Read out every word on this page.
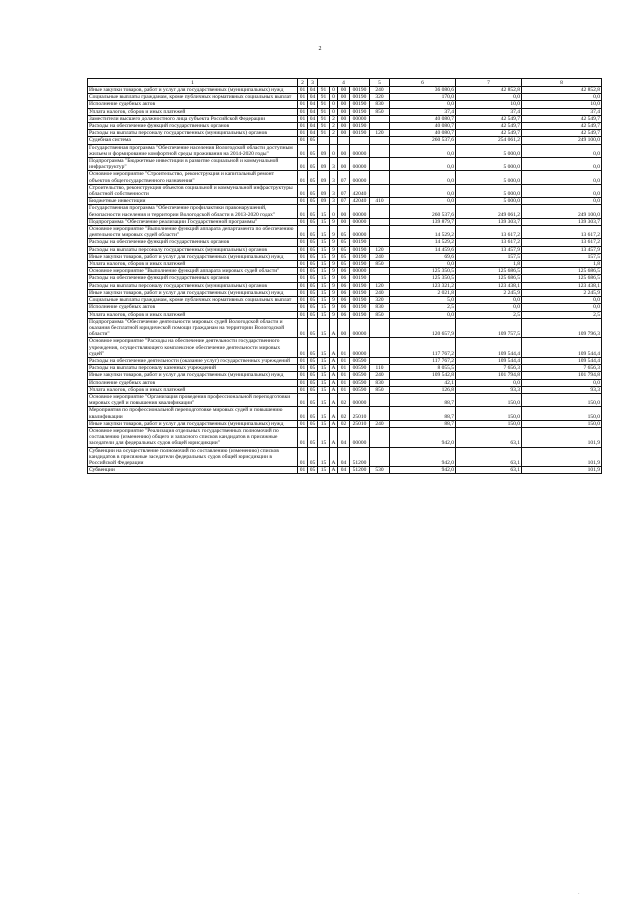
2
1	2	3	4				5	6	7	8
Иные закупки товаров, работ и услуг для государственных (муниципальных) нужд	01	04	91	0	00	00190	240	36 080,6	42 852,8	42 852,8
Социальные выплаты гражданам, кроме публичных нормативных социальных выплат	01	04	91	0	00	00190	320	170,0	0,0	0,0
Исполнение судебных актов	01	04	91	0	00	00190	830	0,0	10,0	10,0
Уплата налогов, сборов и иных платежей	01	04	91	0	00	00190	850	37,4	37,4	37,4
Заместители высшего должностного лица субъекта Российской Федерации	01	04	91	2	00	00000		40 080,7	42 549,7	42 549,7
Расходы на обеспечение функций государственных органов	01	04	91	2	00	00190		40 080,7	42 549,7	42 549,7
Расходы на выплаты персоналу государственных (муниципальных) органов	01	04	91	2	00	00190	120	40 080,7	42 549,7	42 549,7
Судебная система	01	05						260 537,6	254 061,2	249 100,0
Государственная программа "Обеспечение населения Вологодской области доступным жильем и формирование комфортной среды проживания на 2014-2020 годы"	01	05	09	0	00	00000		0,0	5 000,0	0,0
Подпрограмма "Бюджетные инвестиции в развитие социальной и коммунальной инфраструктур"	01	05	09	3	00	00000		0,0	5 000,0	0,0
Основное мероприятие "Строительство, реконструкция и капитальный ремонт объектов общегосударственного назначения"	01	05	09	3	07	00000		0,0	5 000,0	0,0
Строительство, реконструкция объектов социальной и коммунальной инфраструктуры областной собственности	01	05	09	3	07	42040		0,0	5 000,0	0,0
Бюджетные инвестиции	01	05	09	3	07	42040	410	0,0	5 000,0	0,0
Государственная программа "Обеспечение профилактики правонарушений, безопасности населения и территории Вологодской области в 2013-2020 годах"	01	05	15	0	00	00000		260 537,6	249 061,2	249 100,0
Подпрограмма "Обеспечение реализации Государственной программы"	01	05	15	9	00	00000		139 879,7	139 303,7	139 303,7
Основное мероприятие "Выполнение функций аппарата департамента по обеспечению деятельности мировых судей области"	01	05	15	9	05	00000		14 529,2	13 617,2	13 617,2
Расходы на обеспечение функций государственных органов	01	05	15	9	05	00190		14 529,2	13 617,2	13 617,2
Расходы на выплаты персоналу государственных (муниципальных) органов	01	05	15	9	05	00190	120	14 459,6	13 457,9	13 457,9
Иные закупки товаров, работ и услуг для государственных (муниципальных) нужд	01	05	15	9	05	00190	240	69,6	157,5	157,5
Уплата налогов, сборов и иных платежей	01	05	15	9	05	00190	850	0,0	1,8	1,8
Основное мероприятие "Выполнение функций аппарата мировых судей области"	01	05	15	9	06	00000		125 350,5	125 686,5	125 686,5
Расходы на обеспечение функций государственных органов	01	05	15	9	06	00190		125 350,5	125 686,5	125 686,5
Расходы на выплаты персоналу государственных (муниципальных) органов	01	05	15	9	06	00190	120	123 321,2	123 438,1	123 438,1
Иные закупки товаров, работ и услуг для государственных (муниципальных) нужд	01	05	15	9	06	00190	240	2 021,8	2 245,9	2 245,9
Социальные выплаты гражданам, кроме публичных нормативных социальных выплат	01	05	15	9	06	00190	320	5,0	0,0	0,0
Исполнение судебных актов	01	05	15	9	06	00190	830	2,5	0,0	0,0
Уплата налогов, сборов и иных платежей	01	05	15	9	06	00190	850	0,0	2,5	2,5
Подпрограмма "Обеспечение деятельности мировых судей Вологодской области и оказания бесплатной юридической помощи гражданам на территории Вологодской области"	01	05	15	А	00	00000		120 657,9	109 757,5	109 796,3
Основное мероприятие "Расходы на обеспечение деятельности государственного учреждения, осуществляющего комплексное обеспечение деятельности мировых судей"	01	05	15	А	01	00000		117 767,2	109 544,4	109 544,4
Расходы на обеспечение деятельности (оказание услуг) государственных учреждений	01	05	15	А	01	00590		117 767,2	109 544,4	109 544,4
Расходы на выплаты персоналу казенных учреждений	01	05	15	А	01	00590	110	8 055,5	7 656,3	7 656,3
Иные закупки товаров, работ и услуг для государственных (муниципальных) нужд	01	05	15	А	01	00590	240	109 542,8	101 794,8	101 794,8
Исполнение судебных актов	01	05	15	А	01	00590	830	42,1	0,0	0,0
Уплата налогов, сборов и иных платежей	01	05	15	А	01	00590	850	126,8	93,3	93,3
Основное мероприятие "Организация проведения профессиональной переподготовки мировых судей и повышения квалификации"	01	05	15	А	02	00000		88,7	150,0	150,0
Мероприятия по профессиональной переподготовке мировых судей и повышению квалификации	01	05	15	А	02	25010		88,7	150,0	150,0
Иные закупки товаров, работ и услуг для государственных (муниципальных) нужд	01	05	15	А	02	25010	240	88,7	150,0	150,0
Основное мероприятие "Реализация отдельных государственных полномочий по составлению (изменению) общего и запасного списков кандидатов в присяжные заседатели для федеральных судов общей юрисдикции"	01	05	15	А	04	00000		942,0	63,1	101,9
Субвенции на осуществление полномочий по составлению (изменению) списков кандидатов в присяжные заседатели федеральных судов общей юрисдикции в Российской Федерации	01	05	15	А	04	51200		942,0	63,1	101,9
Субвенции	01	05	15	А	04	51200	530	942,0	63,1	101,9
·
